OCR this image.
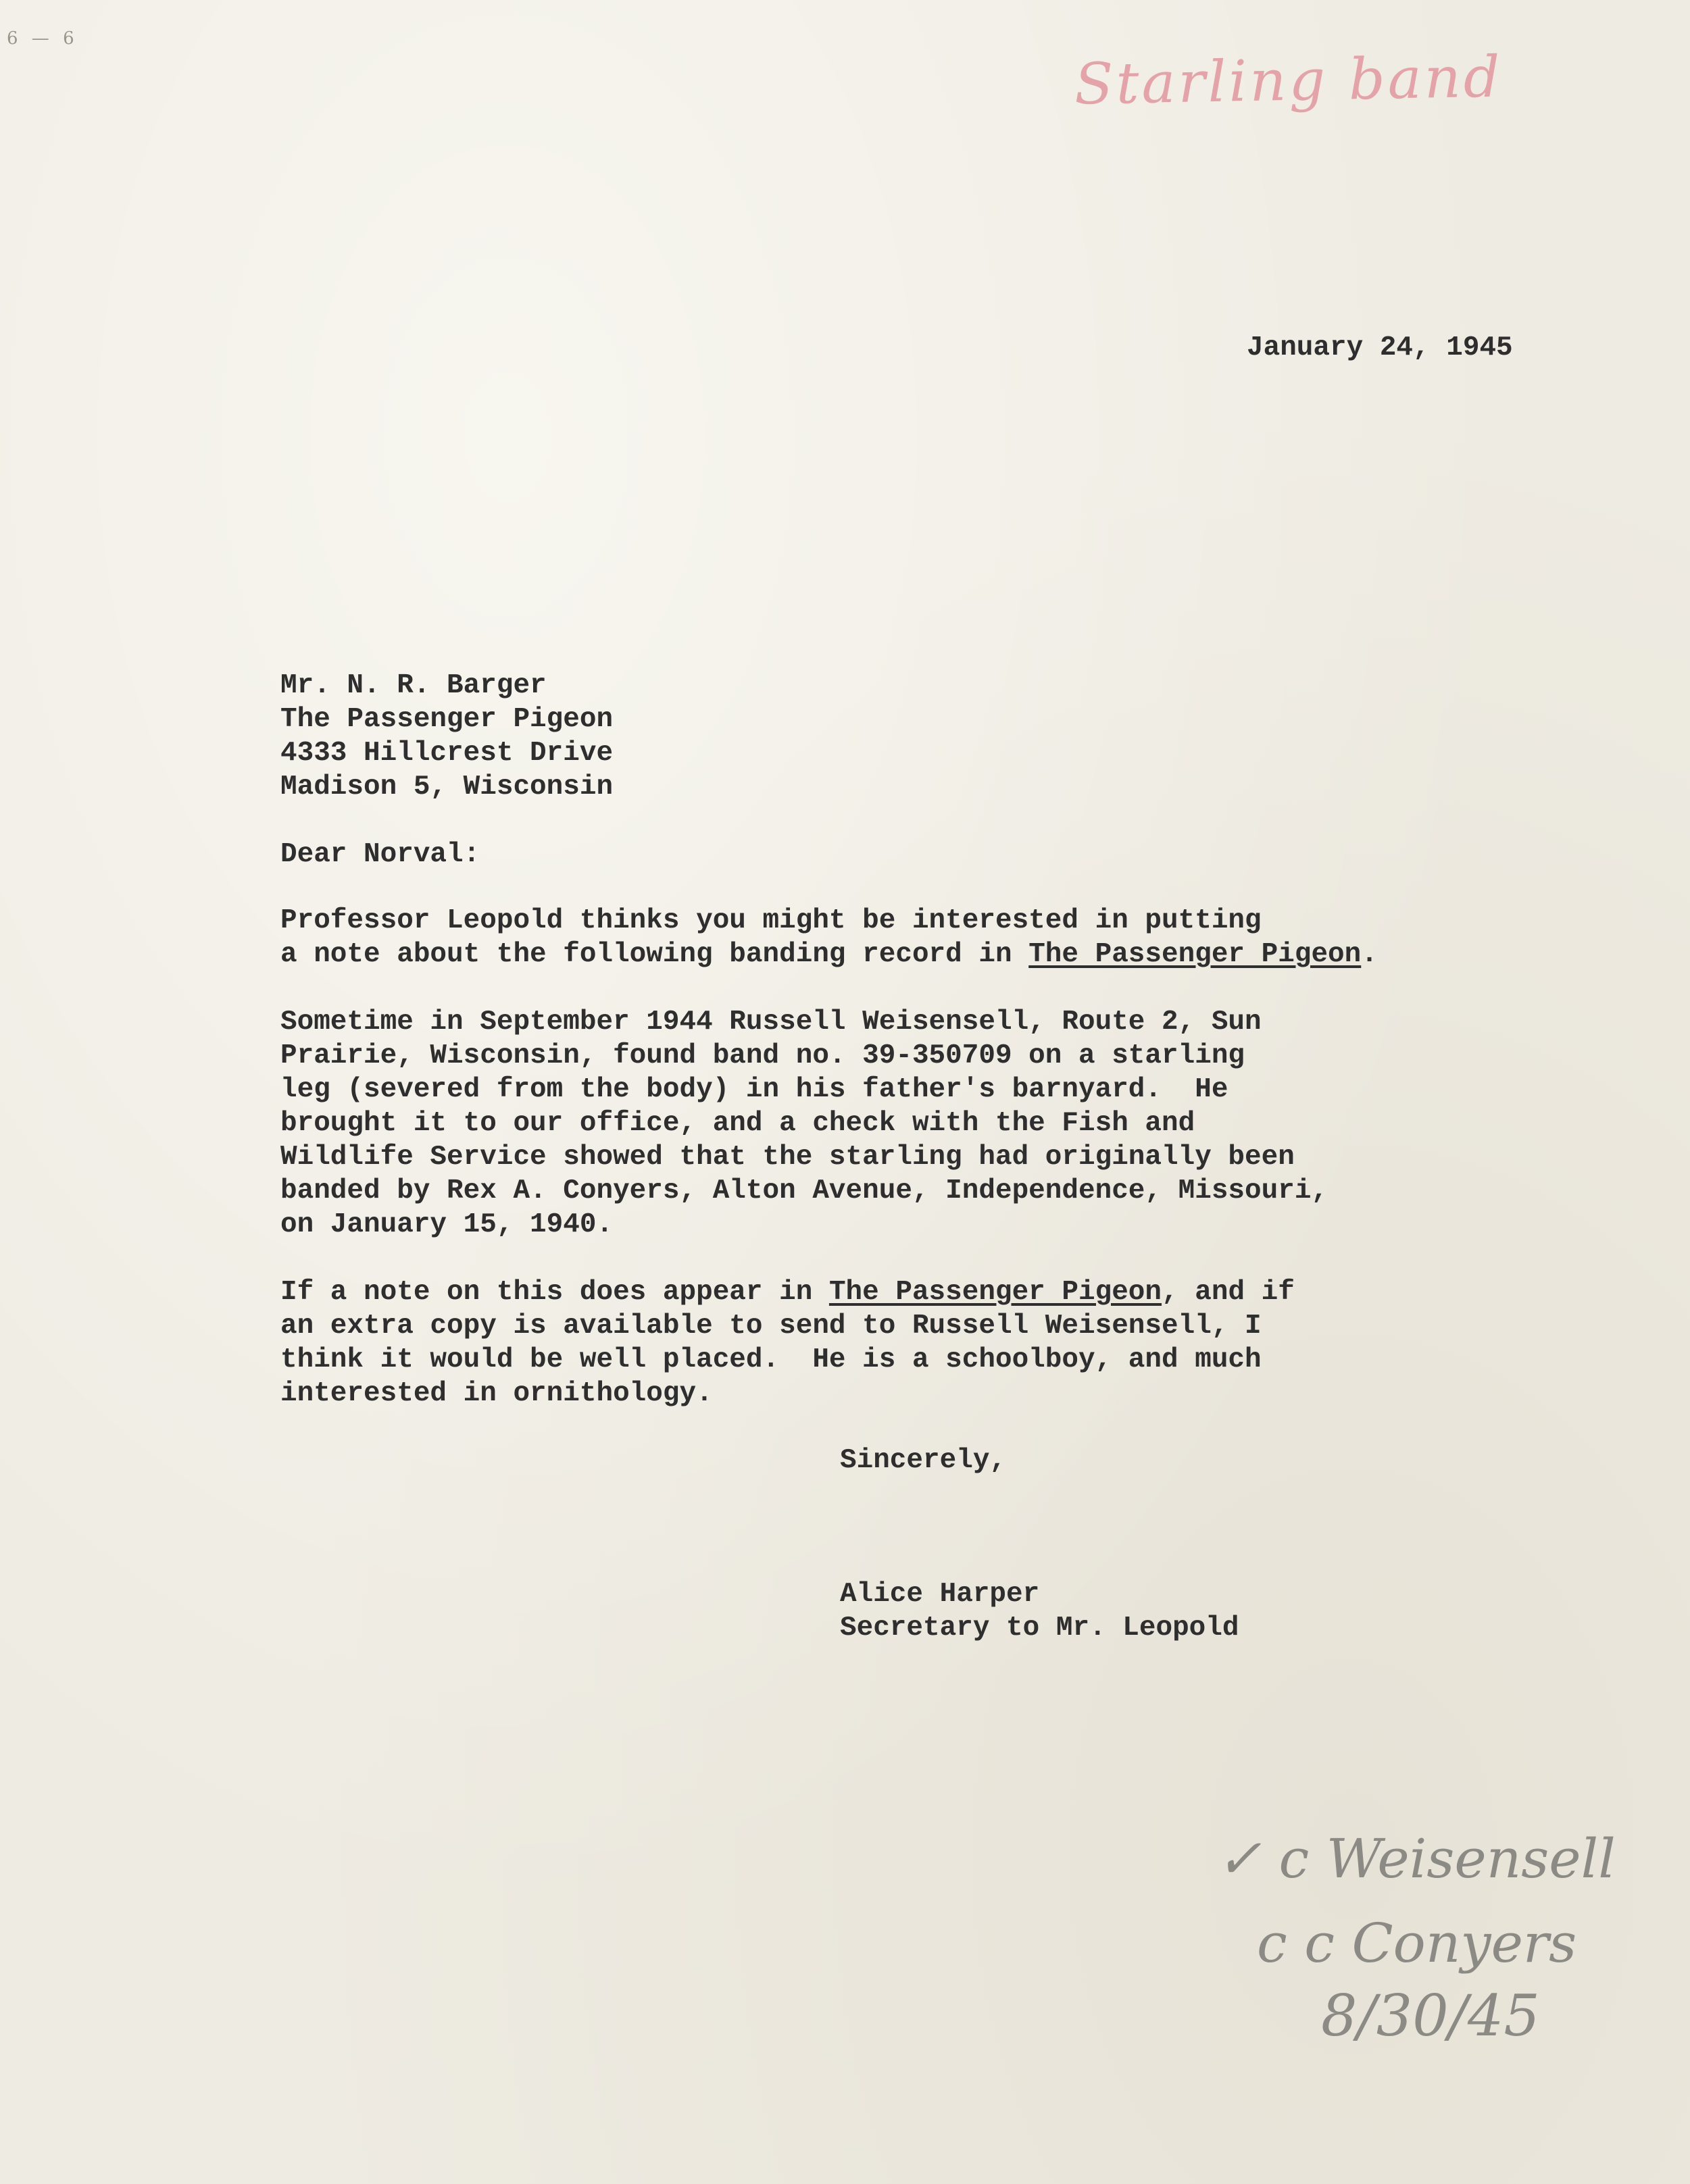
6 — 6
Starling band
January 24, 1945
Mr. N. R. Barger
The Passenger Pigeon
4333 Hillcrest Drive
Madison 5, Wisconsin
Dear Norval:
Professor Leopold thinks you might be interested in putting
a note about the following banding record in The Passenger Pigeon.
Sometime in September 1944 Russell Weisensell, Route 2, Sun
Prairie, Wisconsin, found band no. 39-350709 on a starling
leg (severed from the body) in his father's barnyard.  He
brought it to our office, and a check with the Fish and
Wildlife Service showed that the starling had originally been
banded by Rex A. Conyers, Alton Avenue, Independence, Missouri,
on January 15, 1940.
If a note on this does appear in The Passenger Pigeon, and if
an extra copy is available to send to Russell Weisensell, I
think it would be well placed.  He is a schoolboy, and much
interested in ornithology.
Sincerely,
Alice Harper
Secretary to Mr. Leopold
✓ c Weisensell
c c Conyers
8/30/45
